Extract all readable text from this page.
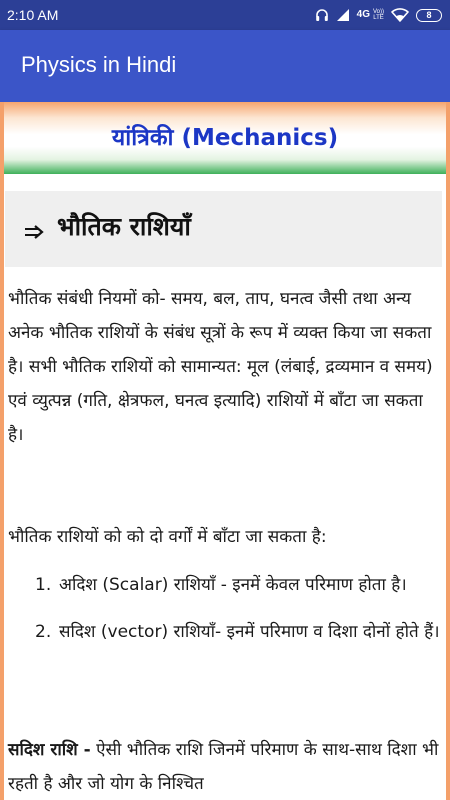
2:10 AM	4G Vo))
LTE	8
Physics in Hindi
यांत्रिकी (Mechanics)
भौतिक राशियाँ

भौतिक संबंधी नियमों को- समय, बल, ताप, घनत्व जैसी तथा अन्य अनेक भौतिक राशियों के संबंध सूत्रों के रूप में व्यक्त किया जा सकता है। सभी भौतिक राशियों को सामान्यत: मूल (लंबाई, द्रव्यमान व समय) एवं व्युत्पन्न (गति, क्षेत्रफल, घनत्व इत्यादि) राशियों में बाँटा जा सकता है।

भौतिक राशियों को को दो वर्गों में बाँटा जा सकता है:

1. अदिश (Scalar) राशियाँ - इनमें केवल परिमाण होता है।
2. सदिश (vector) राशियाँ- इनमें परिमाण व दिशा दोनों होते हैं।

सदिश राशि - ऐसी भौतिक राशि जिनमें परिमाण के साथ-साथ दिशा भी रहती है और जो योग के निश्चित
